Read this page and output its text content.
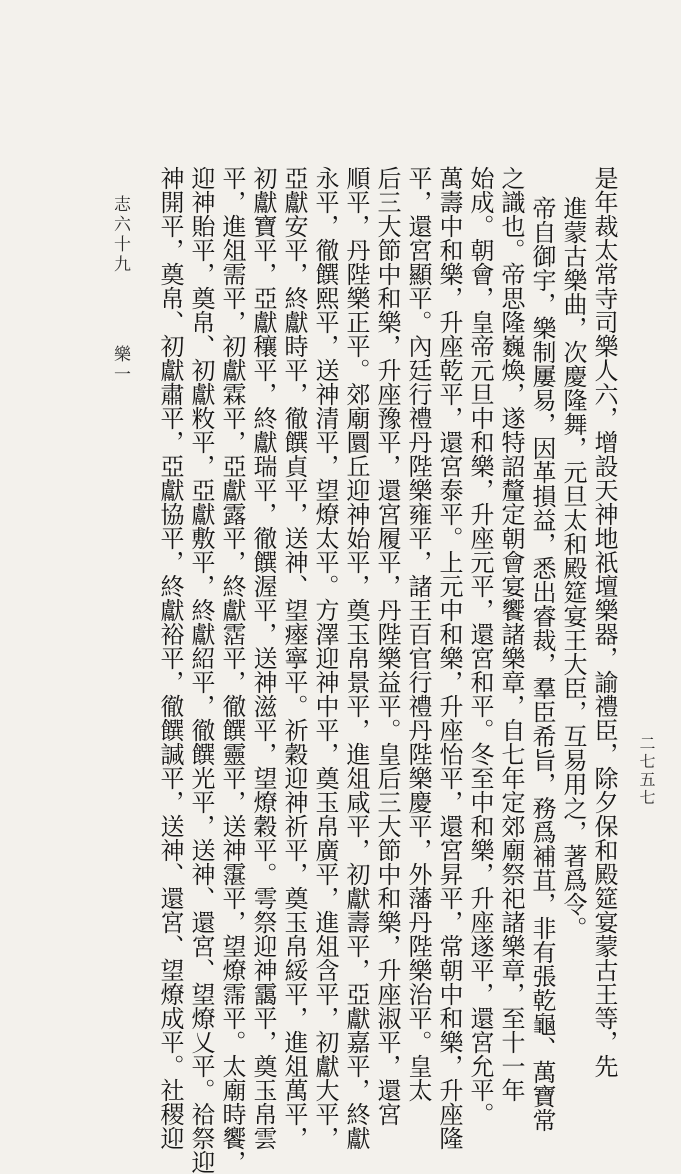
二七五七
是年裁太常寺司樂人六，增設天神地祇壇樂器，諭禮臣，除夕保和殿筵宴蒙古王等，先
進蒙古樂曲，次慶隆舞，元旦太和殿筵宴王大臣，互易用之，著爲令。
帝自御宇，樂制屢易，因革損益，悉出睿裁，羣臣希旨，務爲補苴，非有張乾龜、萬寶常
之識也。帝思隆巍煥，遂特詔釐定朝會宴饗諸樂章，自七年定郊廟祭祀諸樂章，至十一年
始成。朝會，皇帝元旦中和樂，升座元平，還宮和平。冬至中和樂，升座遂平，還宮允平。
萬壽中和樂，升座乾平，還宮泰平。上元中和樂，升座怡平，還宮昇平，常朝中和樂，升座隆
平，還宮顯平。內廷行禮丹陛樂雍平，諸王百官行禮丹陛樂慶平，外藩丹陛樂治平。皇太
后三大節中和樂，升座豫平，還宮履平，丹陛樂益平。皇后三大節中和樂，升座淑平，還宮
順平，丹陛樂正平。郊廟圜丘迎神始平，奠玉帛景平，進俎咸平，初獻壽平，亞獻嘉平，終獻
永平，徹饌熙平，送神清平，望燎太平。方澤迎神中平，奠玉帛廣平，進俎含平，初獻大平，
亞獻安平，終獻時平，徹饌貞平，送神、望瘞寧平。祈穀迎神祈平，奠玉帛綏平，進俎萬平，
初獻寶平，亞獻穰平，終獻瑞平，徹饌渥平，送神滋平，望燎穀平。雩祭迎神靄平，奠玉帛雲
平，進俎需平，初獻霖平，亞獻露平，終獻霑平，徹饌靈平，送神霮平，望燎霈平。太廟時饗，
迎神貽平，奠帛、初獻敉平，亞獻敷平，終獻紹平，徹饌光平，送神、還宮、望燎乂平。祫祭迎
神開平，奠帛、初獻肅平，亞獻協平，終獻裕平，徹饌諴平，送神、還宮、望燎成平。社稷迎
志六十九樂一
